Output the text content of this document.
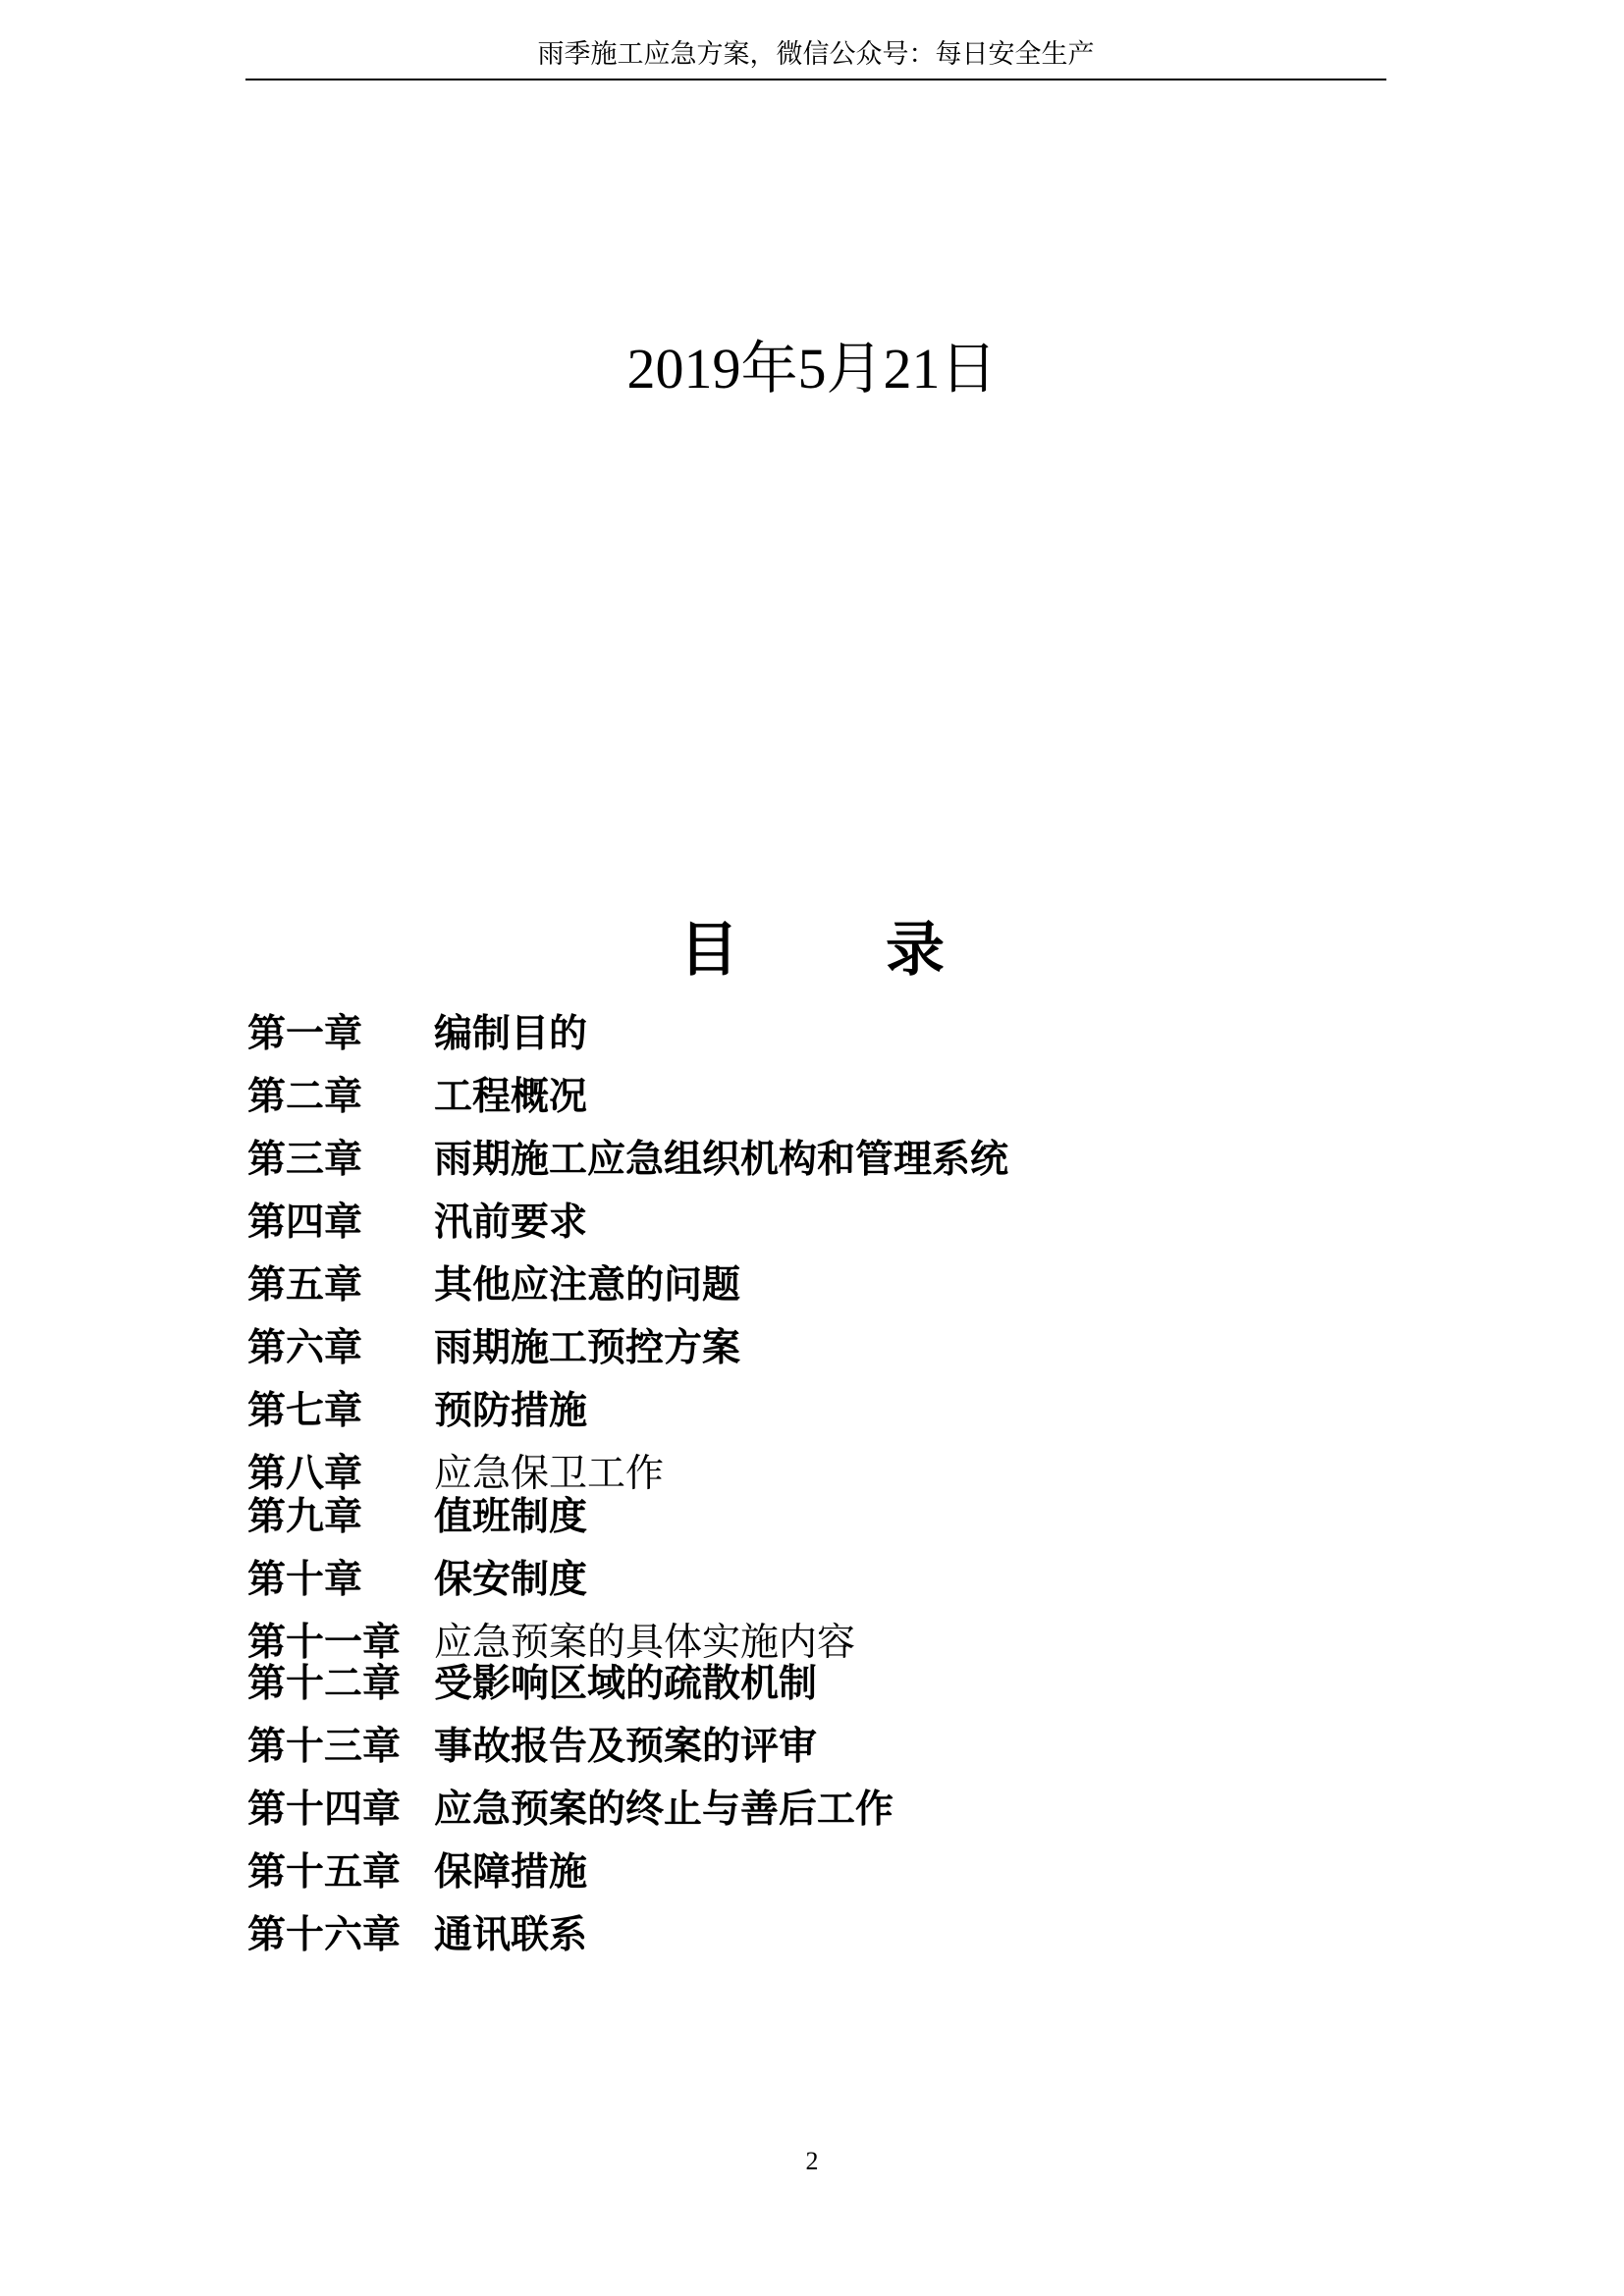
雨季施工应急方案，微信公众号：每日安全生产
2019年5月21日
目	录
第一章 编制目的
第二章 工程概况
第三章 雨期施工应急组织机构和管理系统
第四章 汛前要求
第五章 其他应注意的问题
第六章 雨期施工预控方案
第七章 预防措施
第八章 应急保卫工作
第九章 值班制度
第十章 保安制度
第十一章 应急预案的具体实施内容
第十二章 受影响区域的疏散机制
第十三章 事故报告及预案的评审
第十四章 应急预案的终止与善后工作
第十五章 保障措施
第十六章 通讯联系
2
